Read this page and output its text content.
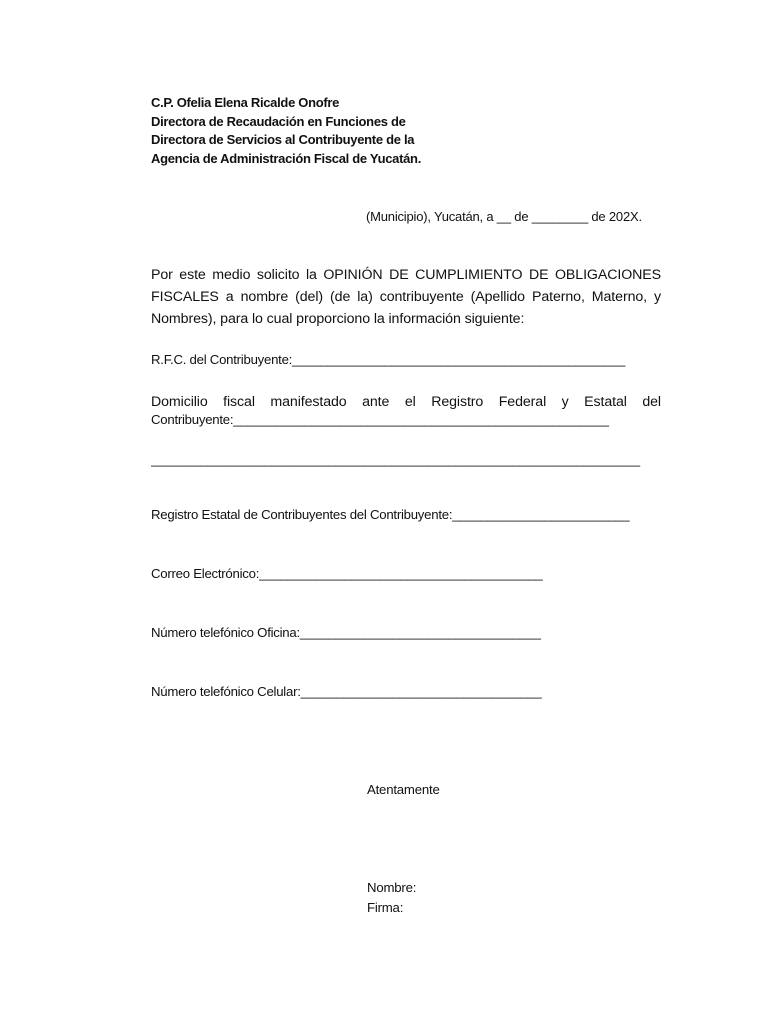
C.P. Ofelia Elena Ricalde Onofre
Directora de Recaudación en Funciones de
Directora de Servicios al Contribuyente de la
Agencia de Administración Fiscal de Yucatán.
(Municipio), Yucatán, a __ de ________ de 202X.
Por este medio solicito la OPINIÓN DE CUMPLIMIENTO DE OBLIGACIONES FISCALES a nombre (del) (de la) contribuyente (Apellido Paterno, Materno, y Nombres), para lo cual proporciono la información siguiente:
R.F.C. del Contribuyente:_______________________________________________
Domicilio fiscal manifestado ante el Registro Federal y Estatal del
Contribuyente:_____________________________________________________
_____________________________________________________________________
Registro Estatal de Contribuyentes del Contribuyente:_________________________
Correo Electrónico:________________________________________
Número telefónico Oficina:__________________________________
Número telefónico Celular:__________________________________
Atentamente
Nombre:
Firma:
